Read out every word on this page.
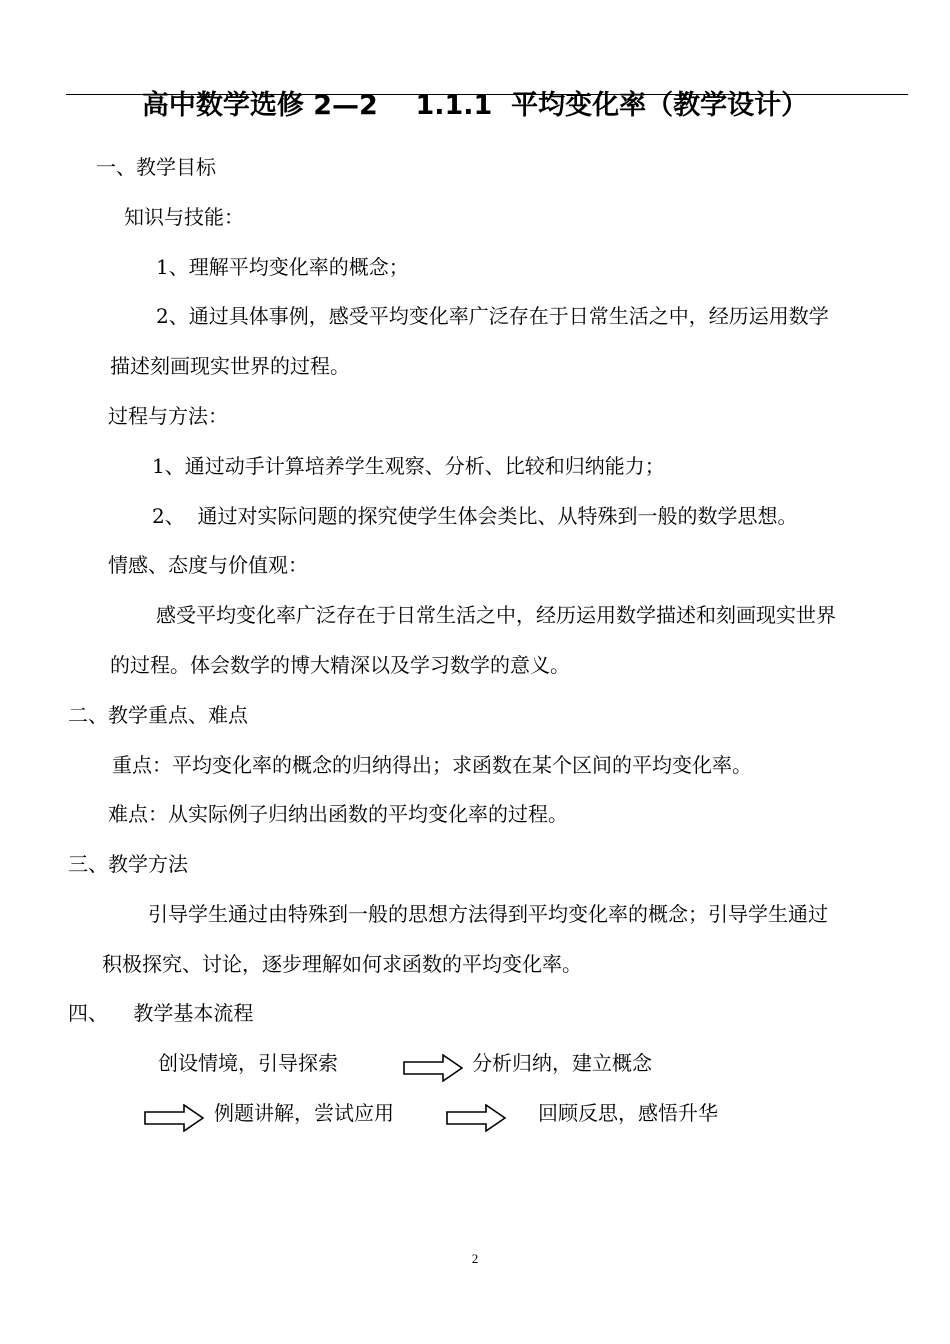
高中数学选修 2—2    1.1.1  平均变化率（教学设计）
一、教学目标
知识与技能：
1、理解平均变化率的概念；
2、通过具体事例，感受平均变化率广泛存在于日常生活之中，经历运用数学
描述刻画现实世界的过程。
过程与方法：
1、通过动手计算培养学生观察、分析、比较和归纳能力；
2、  通过对实际问题的探究使学生体会类比、从特殊到一般的数学思想。
情感、态度与价值观：
感受平均变化率广泛存在于日常生活之中，经历运用数学描述和刻画现实世界
的过程。体会数学的博大精深以及学习数学的意义。
二、教学重点、难点
重点：平均变化率的概念的归纳得出；求函数在某个区间的平均变化率。
难点：从实际例子归纳出函数的平均变化率的过程。
三、教学方法
引导学生通过由特殊到一般的思想方法得到平均变化率的概念；引导学生通过
积极探究、讨论，逐步理解如何求函数的平均变化率。
四、    教学基本流程
创设情境，引导探索	分析归纳，建立概念
例题讲解，尝试应用	回顾反思，感悟升华
2
